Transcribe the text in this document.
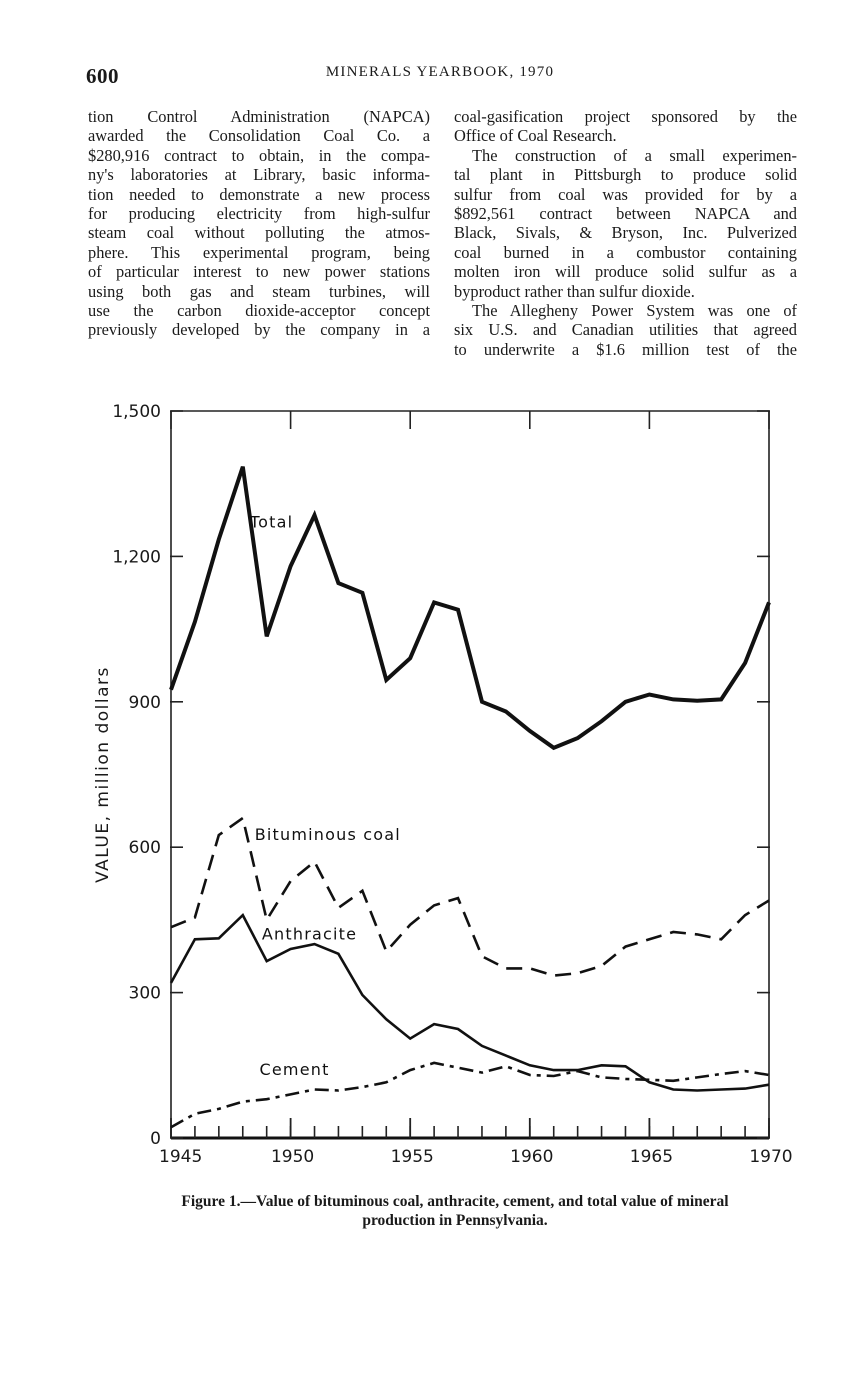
600	MINERALS YEARBOOK, 1970
tion Control Administration (NAPCA)
awarded the Consolidation Coal Co. a
$280,916 contract to obtain, in the compa-
ny's laboratories at Library, basic informa-
tion needed to demonstrate a new process
for producing electricity from high-sulfur
steam coal without polluting the atmos-
phere. This experimental program, being
of particular interest to new power stations
using both gas and steam turbines, will
use the carbon dioxide-acceptor concept
previously developed by the company in a
coal-gasification project sponsored by the
Office of Coal Research.
The construction of a small experimen-
tal plant in Pittsburgh to produce solid
sulfur from coal was provided for by a
$892,561 contract between NAPCA and
Black, Sivals, & Bryson, Inc. Pulverized
coal burned in a combustor containing
molten iron will produce solid sulfur as a
byproduct rather than sulfur dioxide.
The Allegheny Power System was one of
six U.S. and Canadian utilities that agreed
to underwrite a $1.6 million test of the
0
300
600
900
1,200
1,500
1945	1950	1955	1960	1965	1970
VALUE, million dollars
Total
Bituminous coal
Anthracite
Cement
Figure 1.—Value of bituminous coal, anthracite, cement, and total value of mineral
production in Pennsylvania.
